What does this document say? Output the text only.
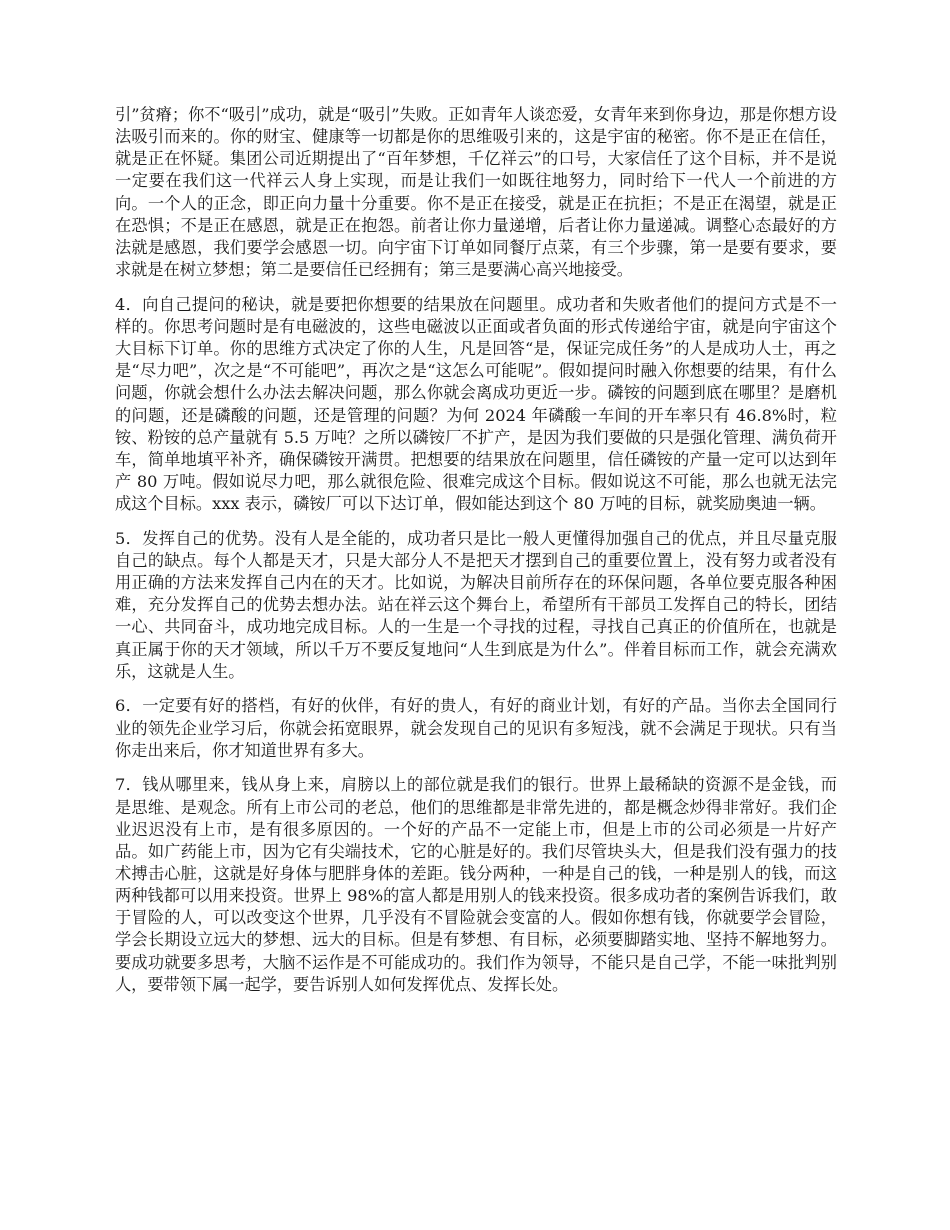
引”贫瘠；你不“吸引”成功，就是“吸引”失败。正如青年人谈恋爱，女青年来到你身边，那是你想方设法吸引而来的。你的财宝、健康等一切都是你的思维吸引来的，这是宇宙的秘密。你不是正在信任，就是正在怀疑。集团公司近期提出了“百年梦想，千亿祥云”的口号，大家信任了这个目标，并不是说一定要在我们这一代祥云人身上实现，而是让我们一如既往地努力，同时给下一代人一个前进的方向。一个人的正念，即正向力量十分重要。你不是正在接受，就是正在抗拒；不是正在渴望，就是正在恐惧；不是正在感恩，就是正在抱怨。前者让你力量递增，后者让你力量递减。调整心态最好的方法就是感恩，我们要学会感恩一切。向宇宙下订单如同餐厅点菜，有三个步骤，第一是要有要求，要求就是在树立梦想；第二是要信任已经拥有；第三是要满心高兴地接受。

4．向自己提问的秘诀，就是要把你想要的结果放在问题里。成功者和失败者他们的提问方式是不一样的。你思考问题时是有电磁波的，这些电磁波以正面或者负面的形式传递给宇宙，就是向宇宙这个大目标下订单。你的思维方式决定了你的人生，凡是回答“是，保证完成任务”的人是成功人士，再之是“尽力吧”，次之是“不可能吧”，再次之是“这怎么可能呢”。假如提问时融入你想要的结果，有什么问题，你就会想什么办法去解决问题，那么你就会离成功更近一步。磷铵的问题到底在哪里？是磨机的问题，还是磷酸的问题，还是管理的问题？为何 2024 年磷酸一车间的开车率只有 46.8%时，粒铵、粉铵的总产量就有 5.5 万吨？之所以磷铵厂不扩产，是因为我们要做的只是强化管理、满负荷开车，简单地填平补齐，确保磷铵开满贯。把想要的结果放在问题里，信任磷铵的产量一定可以达到年产 80 万吨。假如说尽力吧，那么就很危险、很难完成这个目标。假如说这不可能，那么也就无法完成这个目标。xxx 表示，磷铵厂可以下达订单，假如能达到这个 80 万吨的目标，就奖励奥迪一辆。

5．发挥自己的优势。没有人是全能的，成功者只是比一般人更懂得加强自己的优点，并且尽量克服自己的缺点。每个人都是天才，只是大部分人不是把天才摆到自己的重要位置上，没有努力或者没有用正确的方法来发挥自己内在的天才。比如说，为解决目前所存在的环保问题，各单位要克服各种困难，充分发挥自己的优势去想办法。站在祥云这个舞台上，希望所有干部员工发挥自己的特长，团结一心、共同奋斗，成功地完成目标。人的一生是一个寻找的过程，寻找自己真正的价值所在，也就是真正属于你的天才领域，所以千万不要反复地问“人生到底是为什么”。伴着目标而工作，就会充满欢乐，这就是人生。

6．一定要有好的搭档，有好的伙伴，有好的贵人，有好的商业计划，有好的产品。当你去全国同行业的领先企业学习后，你就会拓宽眼界，就会发现自己的见识有多短浅，就不会满足于现状。只有当你走出来后，你才知道世界有多大。

7．钱从哪里来，钱从身上来，肩膀以上的部位就是我们的银行。世界上最稀缺的资源不是金钱，而是思维、是观念。所有上市公司的老总，他们的思维都是非常先进的，都是概念炒得非常好。我们企业迟迟没有上市，是有很多原因的。一个好的产品不一定能上市，但是上市的公司必须是一片好产品。如广药能上市，因为它有尖端技术，它的心脏是好的。我们尽管块头大，但是我们没有强力的技术搏击心脏，这就是好身体与肥胖身体的差距。钱分两种，一种是自己的钱，一种是别人的钱，而这两种钱都可以用来投资。世界上 98%的富人都是用别人的钱来投资。很多成功者的案例告诉我们，敢于冒险的人，可以改变这个世界，几乎没有不冒险就会变富的人。假如你想有钱，你就要学会冒险，学会长期设立远大的梦想、远大的目标。但是有梦想、有目标，必须要脚踏实地、坚持不解地努力。要成功就要多思考，大脑不运作是不可能成功的。我们作为领导，不能只是自己学，不能一味批判别人，要带领下属一起学，要告诉别人如何发挥优点、发挥长处。
